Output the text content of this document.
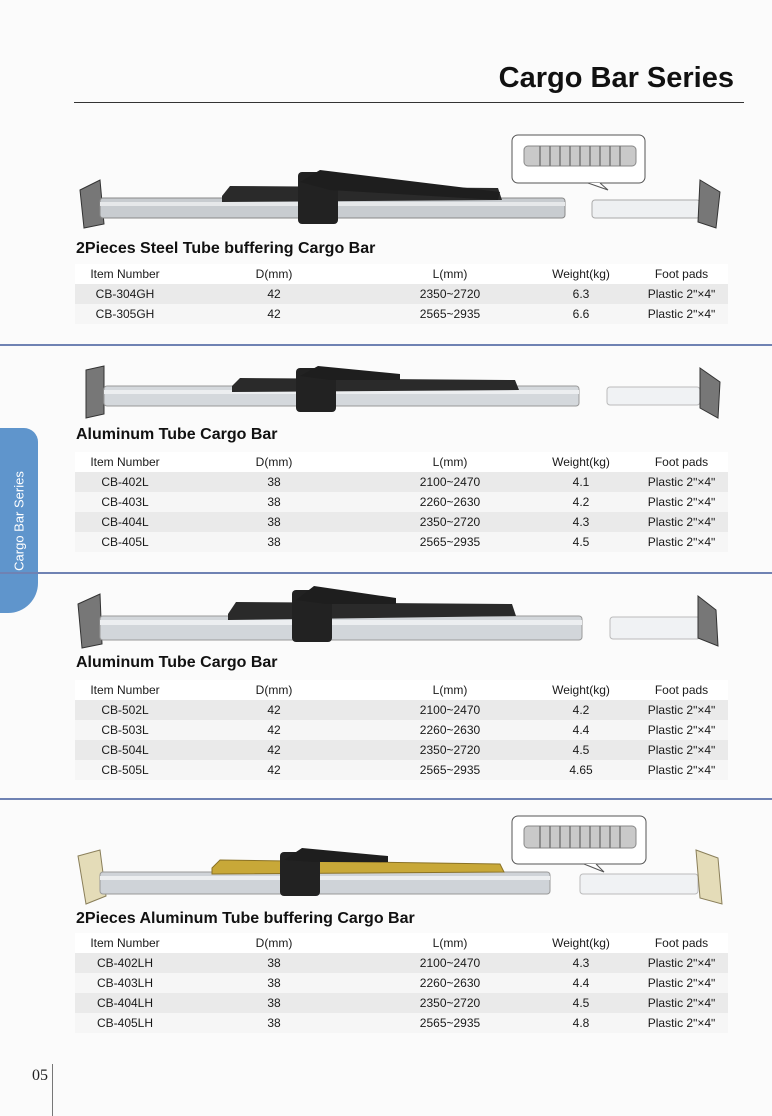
Cargo Bar Series
Cargo Bar Series
2Pieces Steel Tube buffering Cargo Bar
Item Number	D(mm)	L(mm)	Weight(kg)	Foot pads
CB-304GH	42	2350~2720	6.3	Plastic 2ʺ×4ʺ
CB-305GH	42	2565~2935	6.6	Plastic 2ʺ×4ʺ
Aluminum Tube Cargo Bar
Item Number	D(mm)	L(mm)	Weight(kg)	Foot pads
CB-402L	38	2100~2470	4.1	Plastic 2ʺ×4ʺ
CB-403L	38	2260~2630	4.2	Plastic 2ʺ×4ʺ
CB-404L	38	2350~2720	4.3	Plastic 2ʺ×4ʺ
CB-405L	38	2565~2935	4.5	Plastic 2ʺ×4ʺ
Aluminum Tube Cargo Bar
Item Number	D(mm)	L(mm)	Weight(kg)	Foot pads
CB-502L	42	2100~2470	4.2	Plastic 2ʺ×4ʺ
CB-503L	42	2260~2630	4.4	Plastic 2ʺ×4ʺ
CB-504L	42	2350~2720	4.5	Plastic 2ʺ×4ʺ
CB-505L	42	2565~2935	4.65	Plastic 2ʺ×4ʺ
2Pieces Aluminum Tube buffering Cargo Bar
Item Number	D(mm)	L(mm)	Weight(kg)	Foot pads
CB-402LH	38	2100~2470	4.3	Plastic 2ʺ×4ʺ
CB-403LH	38	2260~2630	4.4	Plastic 2ʺ×4ʺ
CB-404LH	38	2350~2720	4.5	Plastic 2ʺ×4ʺ
CB-405LH	38	2565~2935	4.8	Plastic 2ʺ×4ʺ
05
